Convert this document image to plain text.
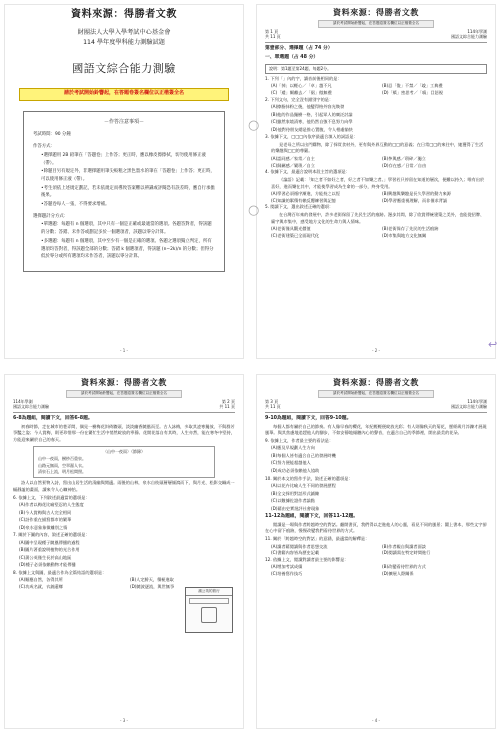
資料來源：得勝者文教
財團法人大學入學考試中心基金會
114 學年度學科能力測驗試題
國語文綜合能力測驗
請於考試開始鈴響起，在答題卷簽名欄位以正楷簽全名
－作答注意事項－

考試時間：90 分鐘

作答方式：

•選擇題用 2B 鉛筆在「答題卷」上作答；更正時，應以橡皮擦擦拭，切勿使用修正液（帶）。

•除題目另有規定外，非選擇題用筆尖較粗之黑色墨水的筆在「答題卷」上作答；更正時，可以使用修正液（帶）。

•考生須依上述規定劃記，若未依規定而導致答案難以辨識或評閱恐有誤差時，應自行承擔後果。

•答題卷每人一張，不得要求增補。

選擇題計分方式：

•單選題：每題有 n 個選項，其中只有一個是正確或最適當的選項。各題答對者，得該題的分數；答錯、未作答或劃記多於一個選項者，該題以零分計算。

•多選題：每題有 n 個選項，其中至少有一個是正確的選項。各題之選項獨立判定，所有選項均答對者，得該題全部的分數；答錯 k 個選項者，得該題 (n−2k)/n 的分數；但得分低於零分或所有選項均未作答者，該題以零分計算。

- 1 -
資料來源：得勝者文教
請於考試開始鈴響起，在答題卷簽名欄位以正楷簽全名
第 1 頁
共 11 頁
114年學測
國語文綜合能力測驗

第壹部分、選擇題（占 74 分）

一、單選題（占 48 分）

說明：第1題至第24題，每題2分。

1. 下列「」內的字，讀音前後相同的是：

(A)「掉」以輕心／「卓」越不凡	(B)忍「俊」不禁／「竣」工典禮
(C)「遽」爾離去／「倨」傲無禮	(D)「縝」密思考／「嗔」目怒視

2. 下列文句，完全沒有錯別字的是：

(A)擦脂抹粉之後，他變得格外容光煥發

(B)他的作品獨樹一格，引起眾人的廣泛討論

(C)雖然家境清寒，他仍然自強不息努力向學

(D)他對待朋友總是推心置腹，令人相處愉快

3. 依據下文，□□□內依序最適合填入的詞語是：

見老母之所以出門購物，除了採買食材外，更有與外界互動的□□的意義；在日常□□的來往中，她獲得了生活的樂趣與□□的尊嚴。

(A)認同感／家常／自主	(B)參與感／瑣碎／獨立
(C)歸屬感／繁瑣／自立	(D)存在感／日常／自由

4. 依據下文，最適合說明本段主旨的選項是：

《論語》記載：「知之者不如好之者，好之者不如樂之者。」學習若只停留在知道的層次，便難以持久；唯有出於喜好，進而樂在其中，才能使學習成為生命的一部分，終身受用。

(A)學習必須循序漸進，方能持之以恆	(B)興趣與樂趣是長久學習的動力來源
(C)知識的累積有賴反覆練習與記憶	(D)學習應重視理解，而非僅求背誦

5. 閱讀下文，選出敘述正確的選項：

在台灣百年來的發展中，許多老街保留了先民生活的痕跡。漫步其間，除了欣賞傳統建築之美外，也能從招牌、廟宇與市集中，感受地方文化的生命力與人情味。

(A)老街僅具觀光價值	(B)老街保存了先民的生活痕跡
(C)老街建築已全面現代化	(D)市集與地方文化無關
- 2 -
資料來源：得勝者文教
請於考試開始鈴響起，在答題卷簽名欄位以正楷簽全名
114年學測
國語文綜合能力測驗
第 2 頁
共 11 頁

6-8為題組，閱讀下文，回答6-8題。

初春時節，走在城市的巷弄間，偶見一樹梅花斜倚牆頭，淡淡幽香隨風而至。古人詠梅，多取其凌寒獨放、不與群芳爭豔之姿；今人賞梅，則更珍惜那一份在繁忙生活中悄然綻放的寧靜。花開花落自有其時，人生亦然，能在寒冬中堅持，方能迎來屬於自己的春天。

〈山中一夜雨〉（節錄）
山中一夜雨，樹杪百重泉。
山路元無雨，空翠濕人衣。
清泉石上流，明月松間照。

詩人以自然景物入詩，寫出山居生活的清幽與閒適。雨後的山林，泉水自枝頭層層傾瀉而下，與月光、松影交織成一幅靜謐的畫面，讀來令人心曠神怡。

6. 依據上文，下列敘述最適當的選項是：

(A)作者以梅花比喻堅忍的人生態度

(B)今人賞梅與古人完全相同

(C)詩作重在描寫都市的繁華

(D)泉水意象象徵離別之情

7. 關於下圖的內容，敘述正確的選項是：

(A)圖中呈現種子隨風傳播的過程

(B)圖片著重說明植物的光合作用

(C)蒲公英僅生長於高山地區

(D)種子必須依賴動物才能傳播

8. 依據上文與圖，最適合作為全篇結語的選項是：

(A)順應自然，各得其所	(B)人定勝天，積極進取
(C)功成名就，衣錦還鄉	(D)隨波逐流，與世無爭
蒲公英的旅行
- 3 -
資料來源：得勝者文教
請於考試開始鈴響起，在答題卷簽名欄位以正楷簽全名
第 3 頁
共 11 頁
114年學測
國語文綜合能力測驗

9-10為題組，閱讀下文，回答9-10題。

每個人都有屬於自己的節奏。有人像早春的櫻花，年紀輕輕便綻放光彩；有人則像秋天的菊花，歷經歲月淬鍊才展現風華。與其焦慮地追趕他人的腳步，不如安靜地傾聽內心的聲音，在適合自己的季節裡，開出最美的花朵。

9. 依據上文，作者最主要的看法是：

(A)應及早規劃人生方向

(B)每個人皆有適合自己的發展時機

(C)努力便能超越他人

(D)成功必須依賴他人協助

10. 關於本文的寫作手法，敘述正確的選項是：

(A)以花卉比喻人生不同的發展歷程

(B)全文採用對話形式鋪陳

(C)以數據佐證作者論點

(D)藉由史實批評社會現象

11-12為題組，閱讀下文，回答11-12題。

閱讀是一場與作者跨越時空的對話。翻開書頁，我們得以走進他人的心靈，看見不同的風景；闔上書本，那些文字卻在心中留下痕跡，慢慢改變我們看待世界的方式。

11. 關於「跨越時空的對話」的意涵，最適當的解釋是：

(A)讀者藉閱讀與作者思想交流	(B)作者親自與讀者面談
(C)書籍內容皆為歷史記載	(D)閱讀需在特定時間進行

12. 依據上文，閱讀對讀者最主要的影響是：

(A)增加考試成績	(B)改變看待世界的方式
(C)培養寫作技巧	(D)擴展人際關係
- 4 -
○
○
↩
